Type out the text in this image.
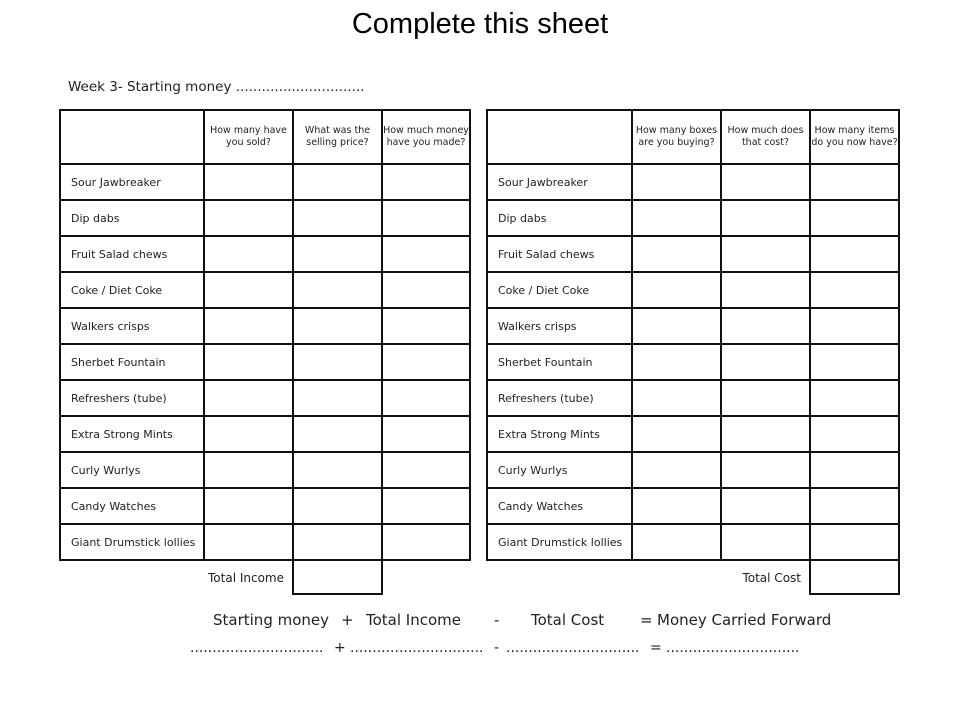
Complete this sheet
Week 3- Starting money ..............................
	How many have you sold?	What was the selling price?	How much money have you made?
Sour Jawbreaker			
Dip dabs			
Fruit Salad chews			
Coke / Diet Coke			
Walkers crisps			
Sherbet Fountain			
Refreshers (tube)			
Extra Strong Mints			
Curly Wurlys			
Candy Watches			
Giant Drumstick lollies			
	Total Income		
	How many boxes are you buying?	How much does that cost?	How many items do you now have?
Sour Jawbreaker			
Dip dabs			
Fruit Salad chews			
Coke / Diet Coke			
Walkers crisps			
Sherbet Fountain			
Refreshers (tube)			
Extra Strong Mints			
Curly Wurlys			
Candy Watches			
Giant Drumstick lollies			
		Total Cost	
Starting money + Total Income - Total Cost = Money Carried Forward
.............................. + .............................. - .............................. = ..............................
